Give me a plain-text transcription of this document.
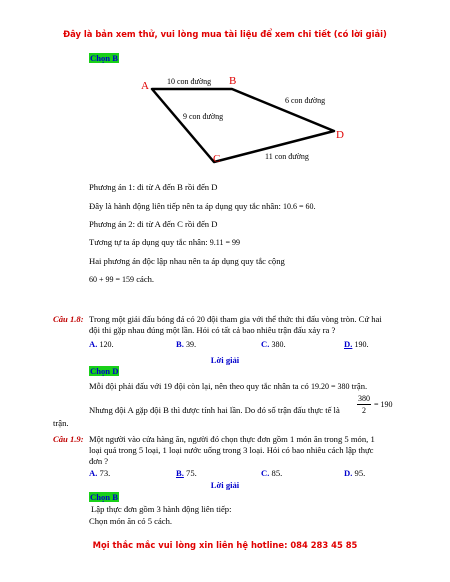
Đây là bản xem thử, vui lòng mua tài liệu để xem chi tiết (có lời giải)
Chọn B
A	B
C
D
10 con đường
6 con đường
9 con đường
11 con đường
Phương án 1: đi từ A đến B rồi đến D
Đây là hành động liên tiếp nên ta áp dụng quy tắc nhân: 10.6 = 60.
Phương án 2: đi từ A đến C rồi đến D
Tương tự ta áp dụng quy tắc nhân: 9.11 = 99
Hai phương án độc lập nhau nên ta áp dụng quy tắc cộng
60 + 99 = 159 cách.
Câu 1.8: Trong một giải đấu bóng đá có 20 đội tham gia với thể thức thi đấu vòng tròn. Cứ hai
đội thi gặp nhau đúng một lần. Hỏi có tất cả bao nhiêu trận đấu xảy ra ?
A. 120.	B. 39.	C. 380.	D. 190.
Lời giải
Chọn D
Mỗi đội phải đấu với 19 đội còn lại, nên theo quy tắc nhân ta có 19.20 = 380 trận.
Nhưng đội A gặp đội B thì được tính hai lần. Do đó số trận đấu thực tế là
380
2
= 190
trận.
Câu 1.9: Một người vào cửa hàng ăn, người đó chọn thực đơn gồm 1 món ăn trong 5 món, 1
loại quả trong 5 loại, 1 loại nước uống trong 3 loại. Hỏi có bao nhiêu cách lập thực
đơn ?
A. 73.	B. 75.	C. 85.	D. 95.
Lời giải
Chọn B
Lập thực đơn gồm 3 hành động liên tiếp:
Chọn món ăn có 5 cách.
Mọi thắc mắc vui lòng xin liên hệ hotline: 084 283 45 85
